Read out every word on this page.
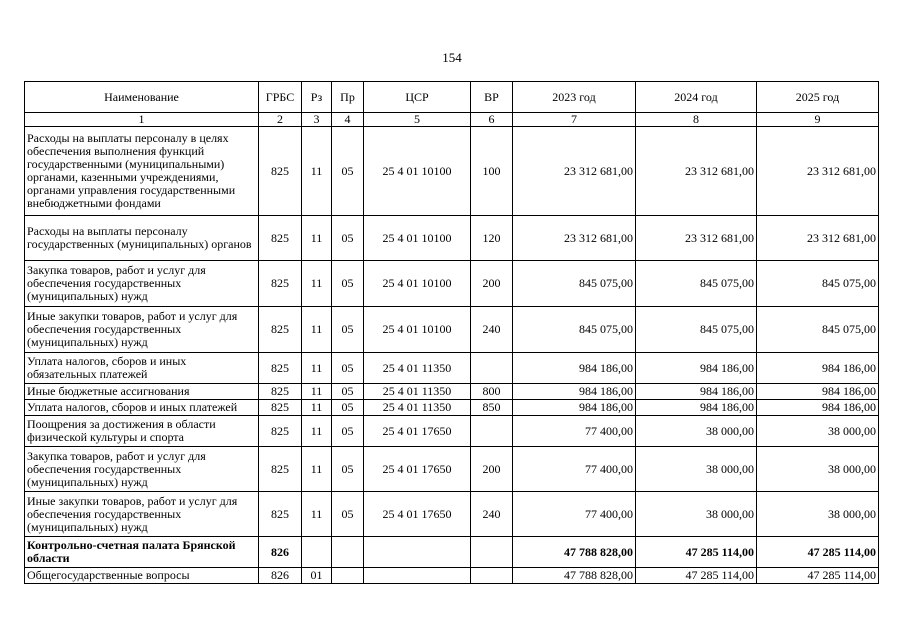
154
Наименование	ГРБС	Рз	Пр	ЦСР	ВР	2023 год	2024 год	2025 год
1	2	3	4	5	6	7	8	9
Расходы на выплаты персоналу в целях обеспечения выполнения функций государственными (муниципальными) органами, казенными учреждениями, органами управления государственными внебюджетными фондами	825	11	05	25 4 01 10100	100	23 312 681,00	23 312 681,00	23 312 681,00
Расходы на выплаты персоналу государственных (муниципальных) органов	825	11	05	25 4 01 10100	120	23 312 681,00	23 312 681,00	23 312 681,00
Закупка товаров, работ и услуг для обеспечения государственных (муниципальных) нужд	825	11	05	25 4 01 10100	200	845 075,00	845 075,00	845 075,00
Иные закупки товаров, работ и услуг для обеспечения государственных (муниципальных) нужд	825	11	05	25 4 01 10100	240	845 075,00	845 075,00	845 075,00
Уплата налогов, сборов и иных обязательных платежей	825	11	05	25 4 01 11350		984 186,00	984 186,00	984 186,00
Иные бюджетные ассигнования	825	11	05	25 4 01 11350	800	984 186,00	984 186,00	984 186,00
Уплата налогов, сборов и иных платежей	825	11	05	25 4 01 11350	850	984 186,00	984 186,00	984 186,00
Поощрения за достижения в области физической культуры и спорта	825	11	05	25 4 01 17650		77 400,00	38 000,00	38 000,00
Закупка товаров, работ и услуг для обеспечения государственных (муниципальных) нужд	825	11	05	25 4 01 17650	200	77 400,00	38 000,00	38 000,00
Иные закупки товаров, работ и услуг для обеспечения государственных (муниципальных) нужд	825	11	05	25 4 01 17650	240	77 400,00	38 000,00	38 000,00
Контрольно-счетная палата Брянской области	826					47 788 828,00	47 285 114,00	47 285 114,00
Общегосударственные вопросы	826	01				47 788 828,00	47 285 114,00	47 285 114,00
